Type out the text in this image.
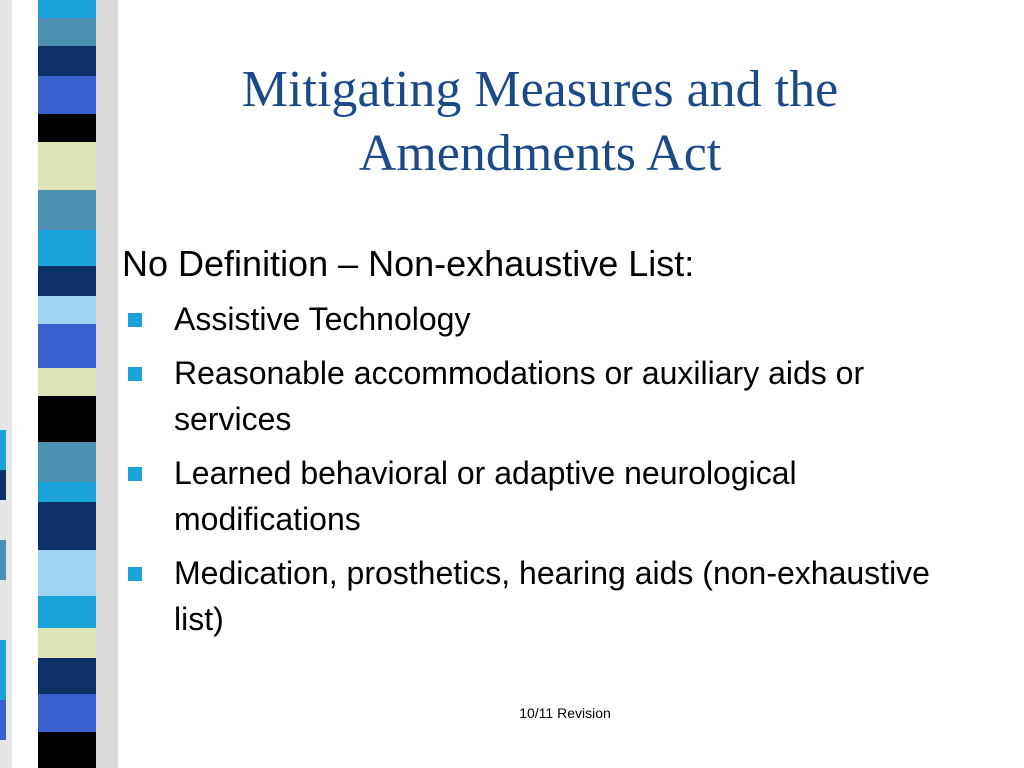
Mitigating Measures and the Amendments Act
No Definition – Non-exhaustive List:
Assistive Technology
Reasonable accommodations or auxiliary aids or services
Learned behavioral or adaptive neurological modifications
Medication, prosthetics, hearing aids (non-exhaustive list)
10/11 Revision
